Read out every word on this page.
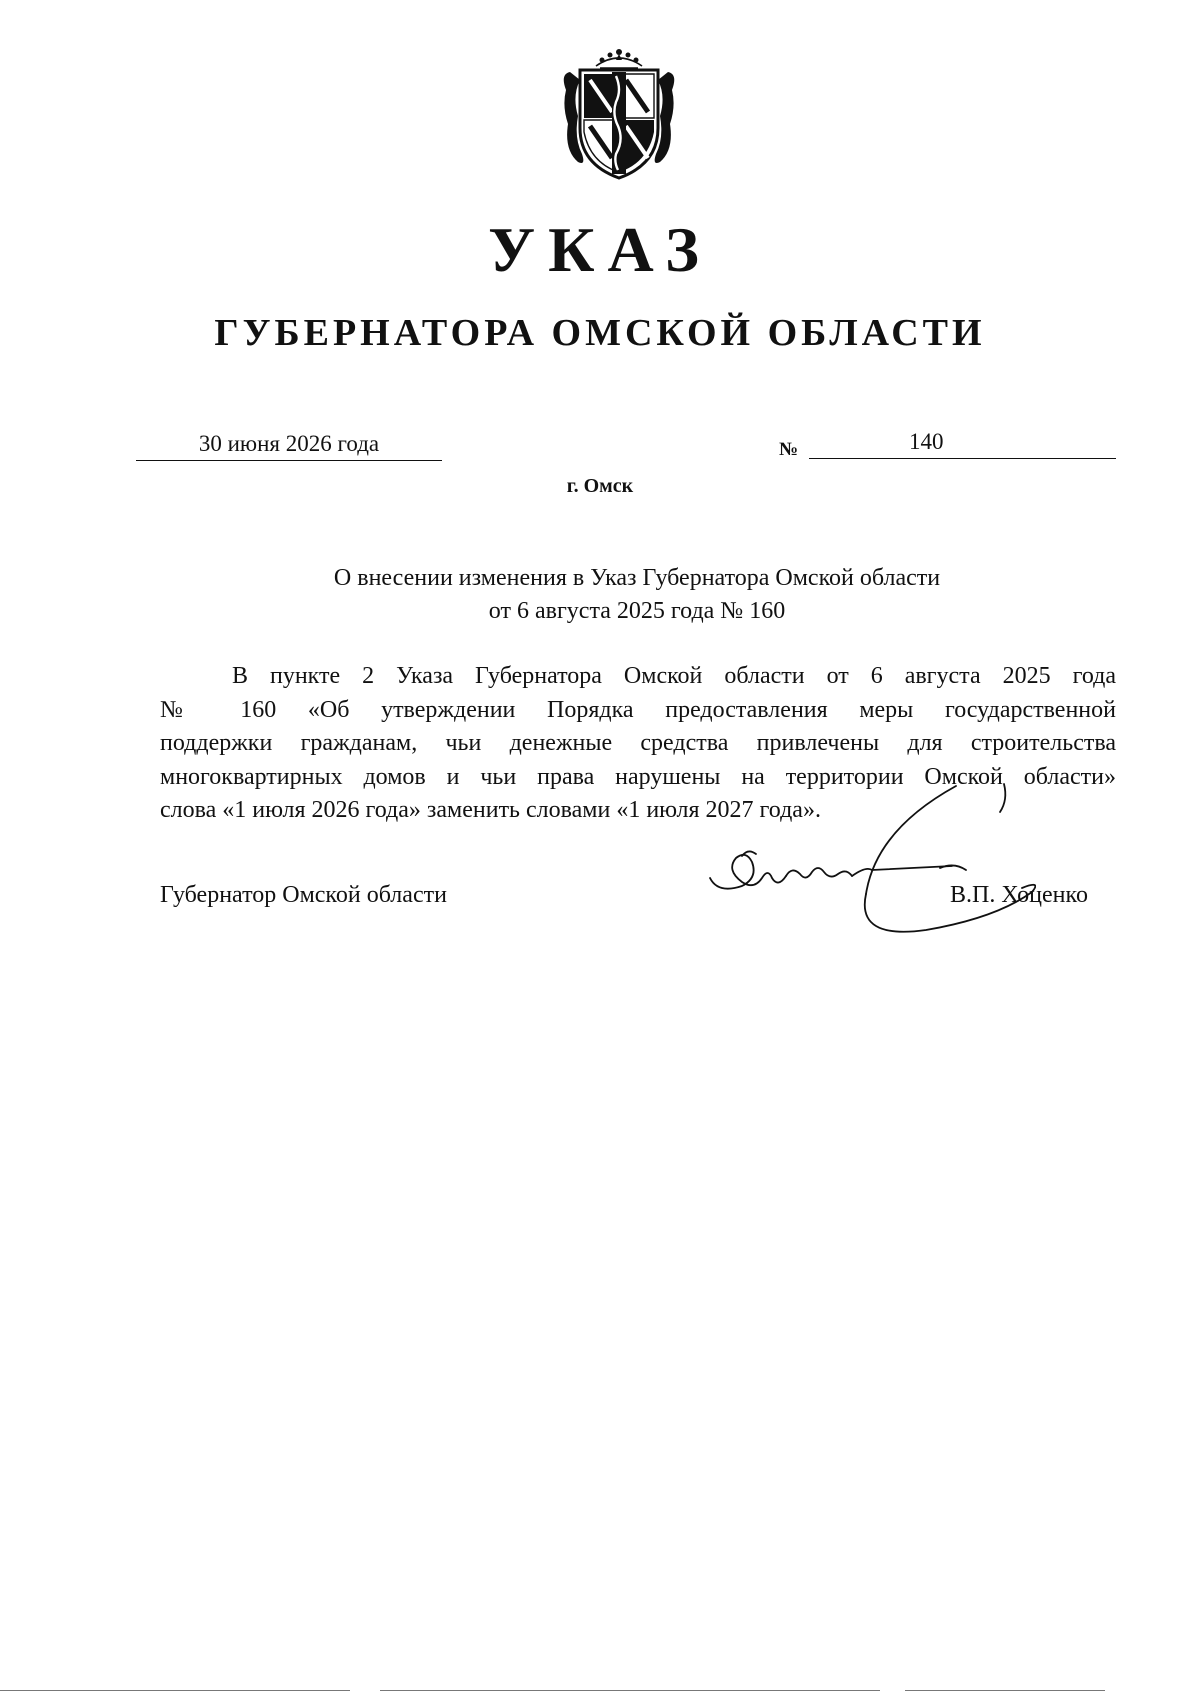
УКАЗ
ГУБЕРНАТОРА ОМСКОЙ ОБЛАСТИ
30 июня 2026 года	№	140
г. Омск
О внесении изменения в Указ Губернатора Омской области
от 6 августа 2025 года № 160
В пункте 2 Указа Губернатора Омской области от 6 августа 2025 года
№ 160 «Об утверждении Порядка предоставления меры государственной
поддержки гражданам, чьи денежные средства привлечены для строительства
многоквартирных домов и чьи права нарушены на территории Омской области»
слова «1 июля 2026 года» заменить словами «1 июля 2027 года».
Губернатор Омской области	В.П. Хоценко
